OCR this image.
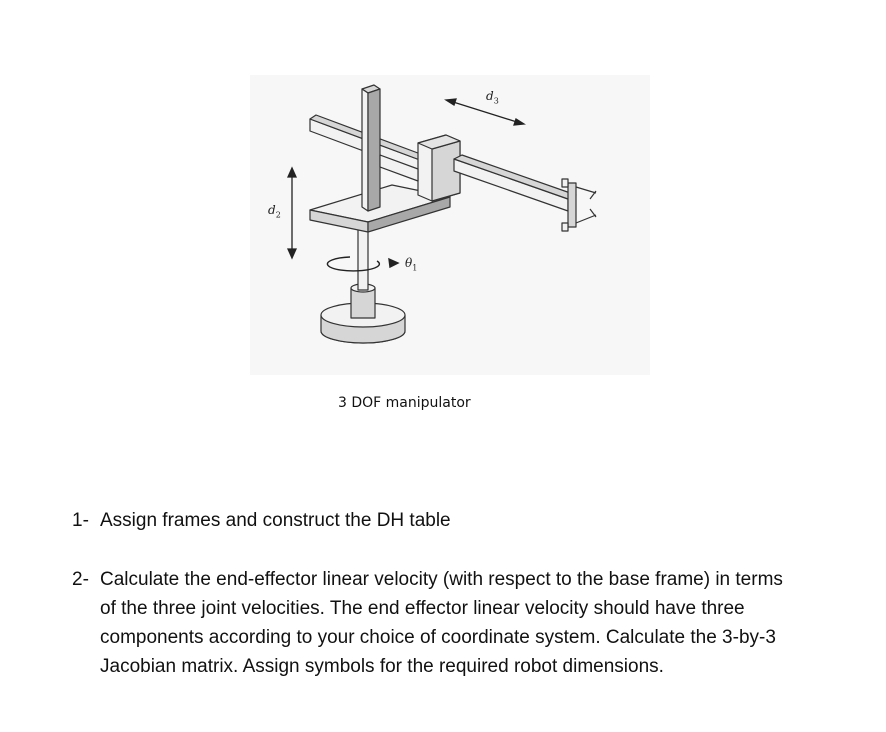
$d_3$
$d_2$
$\theta_1$
3 DOF manipulator
1- Assign frames and construct the DH table
2- Calculate the end-effector linear velocity (with respect to the base frame) in terms of the three joint velocities. The end effector linear velocity should have three components according to your choice of coordinate system. Calculate the 3-by-3 Jacobian matrix. Assign symbols for the required robot dimensions.
